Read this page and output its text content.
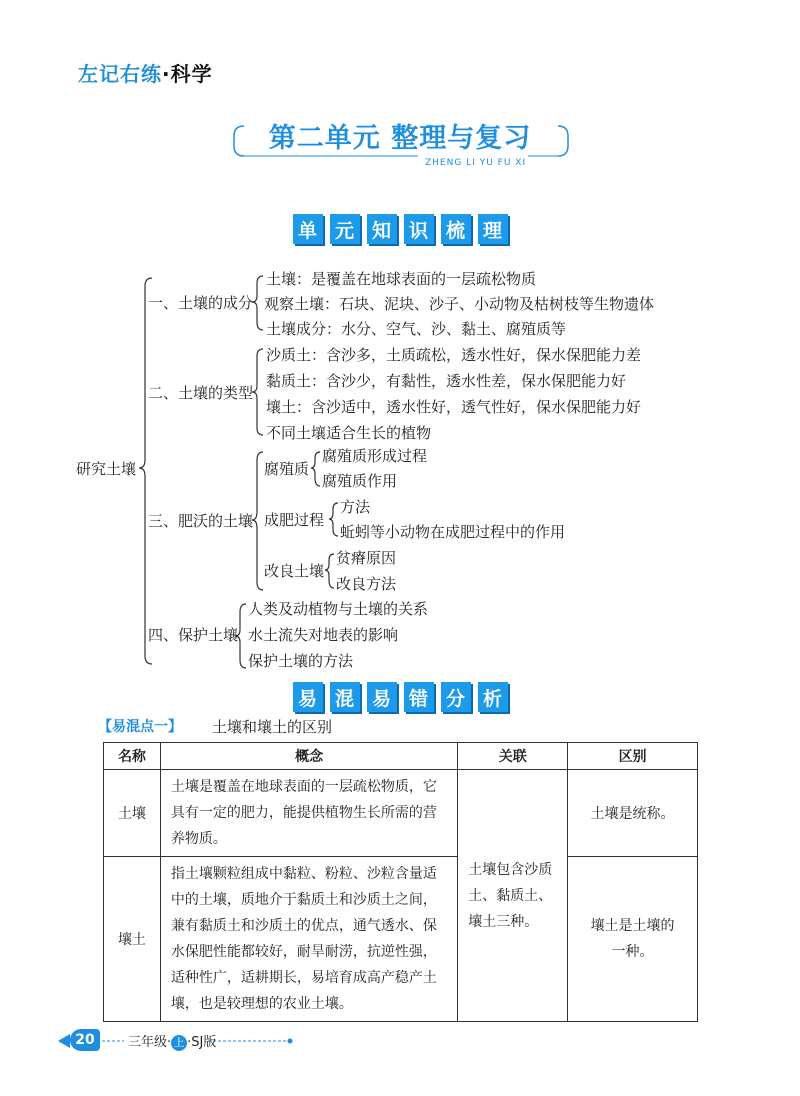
左记右练·科学
第二单元 整理与复习
ZHENG LI YU FU XI
单 元 知 识 梳 理
研究土壤
一、土壤的成分
土壤：是覆盖在地球表面的一层疏松物质
观察土壤：石块、泥块、沙子、小动物及枯树枝等生物遗体
土壤成分：水分、空气、沙、黏土、腐殖质等
二、土壤的类型
沙质土：含沙多，土质疏松，透水性好，保水保肥能力差
黏质土：含沙少，有黏性，透水性差，保水保肥能力好
壤土：含沙适中，透水性好，透气性好，保水保肥能力好
不同土壤适合生长的植物
三、肥沃的土壤
腐殖质
腐殖质形成过程
腐殖质作用
成肥过程
方法
蚯蚓等小动物在成肥过程中的作用
改良土壤
贫瘠原因
改良方法
四、保护土壤
人类及动植物与土壤的关系
水土流失对地表的影响
保护土壤的方法
易 混 易 错 分 析
【易混点一】 土壤和壤土的区别
名称	概念	关联	区别
土壤	土壤是覆盖在地球表面的一层疏松物质，它具有一定的肥力，能提供植物生长所需的营养物质。	土壤包含沙质土、黏质土、壤土三种。	土壤是统称。
壤土	指土壤颗粒组成中黏粒、粉粒、沙粒含量适中的土壤，质地介于黏质土和沙质土之间，兼有黏质土和沙质土的优点，通气透水、保水保肥性能都较好，耐旱耐涝，抗逆性强，适种性广，适耕期长，易培育成高产稳产土壤，也是较理想的农业土壤。		壤土是土壤的一种。
20	三年级· 上 ·SJ版
